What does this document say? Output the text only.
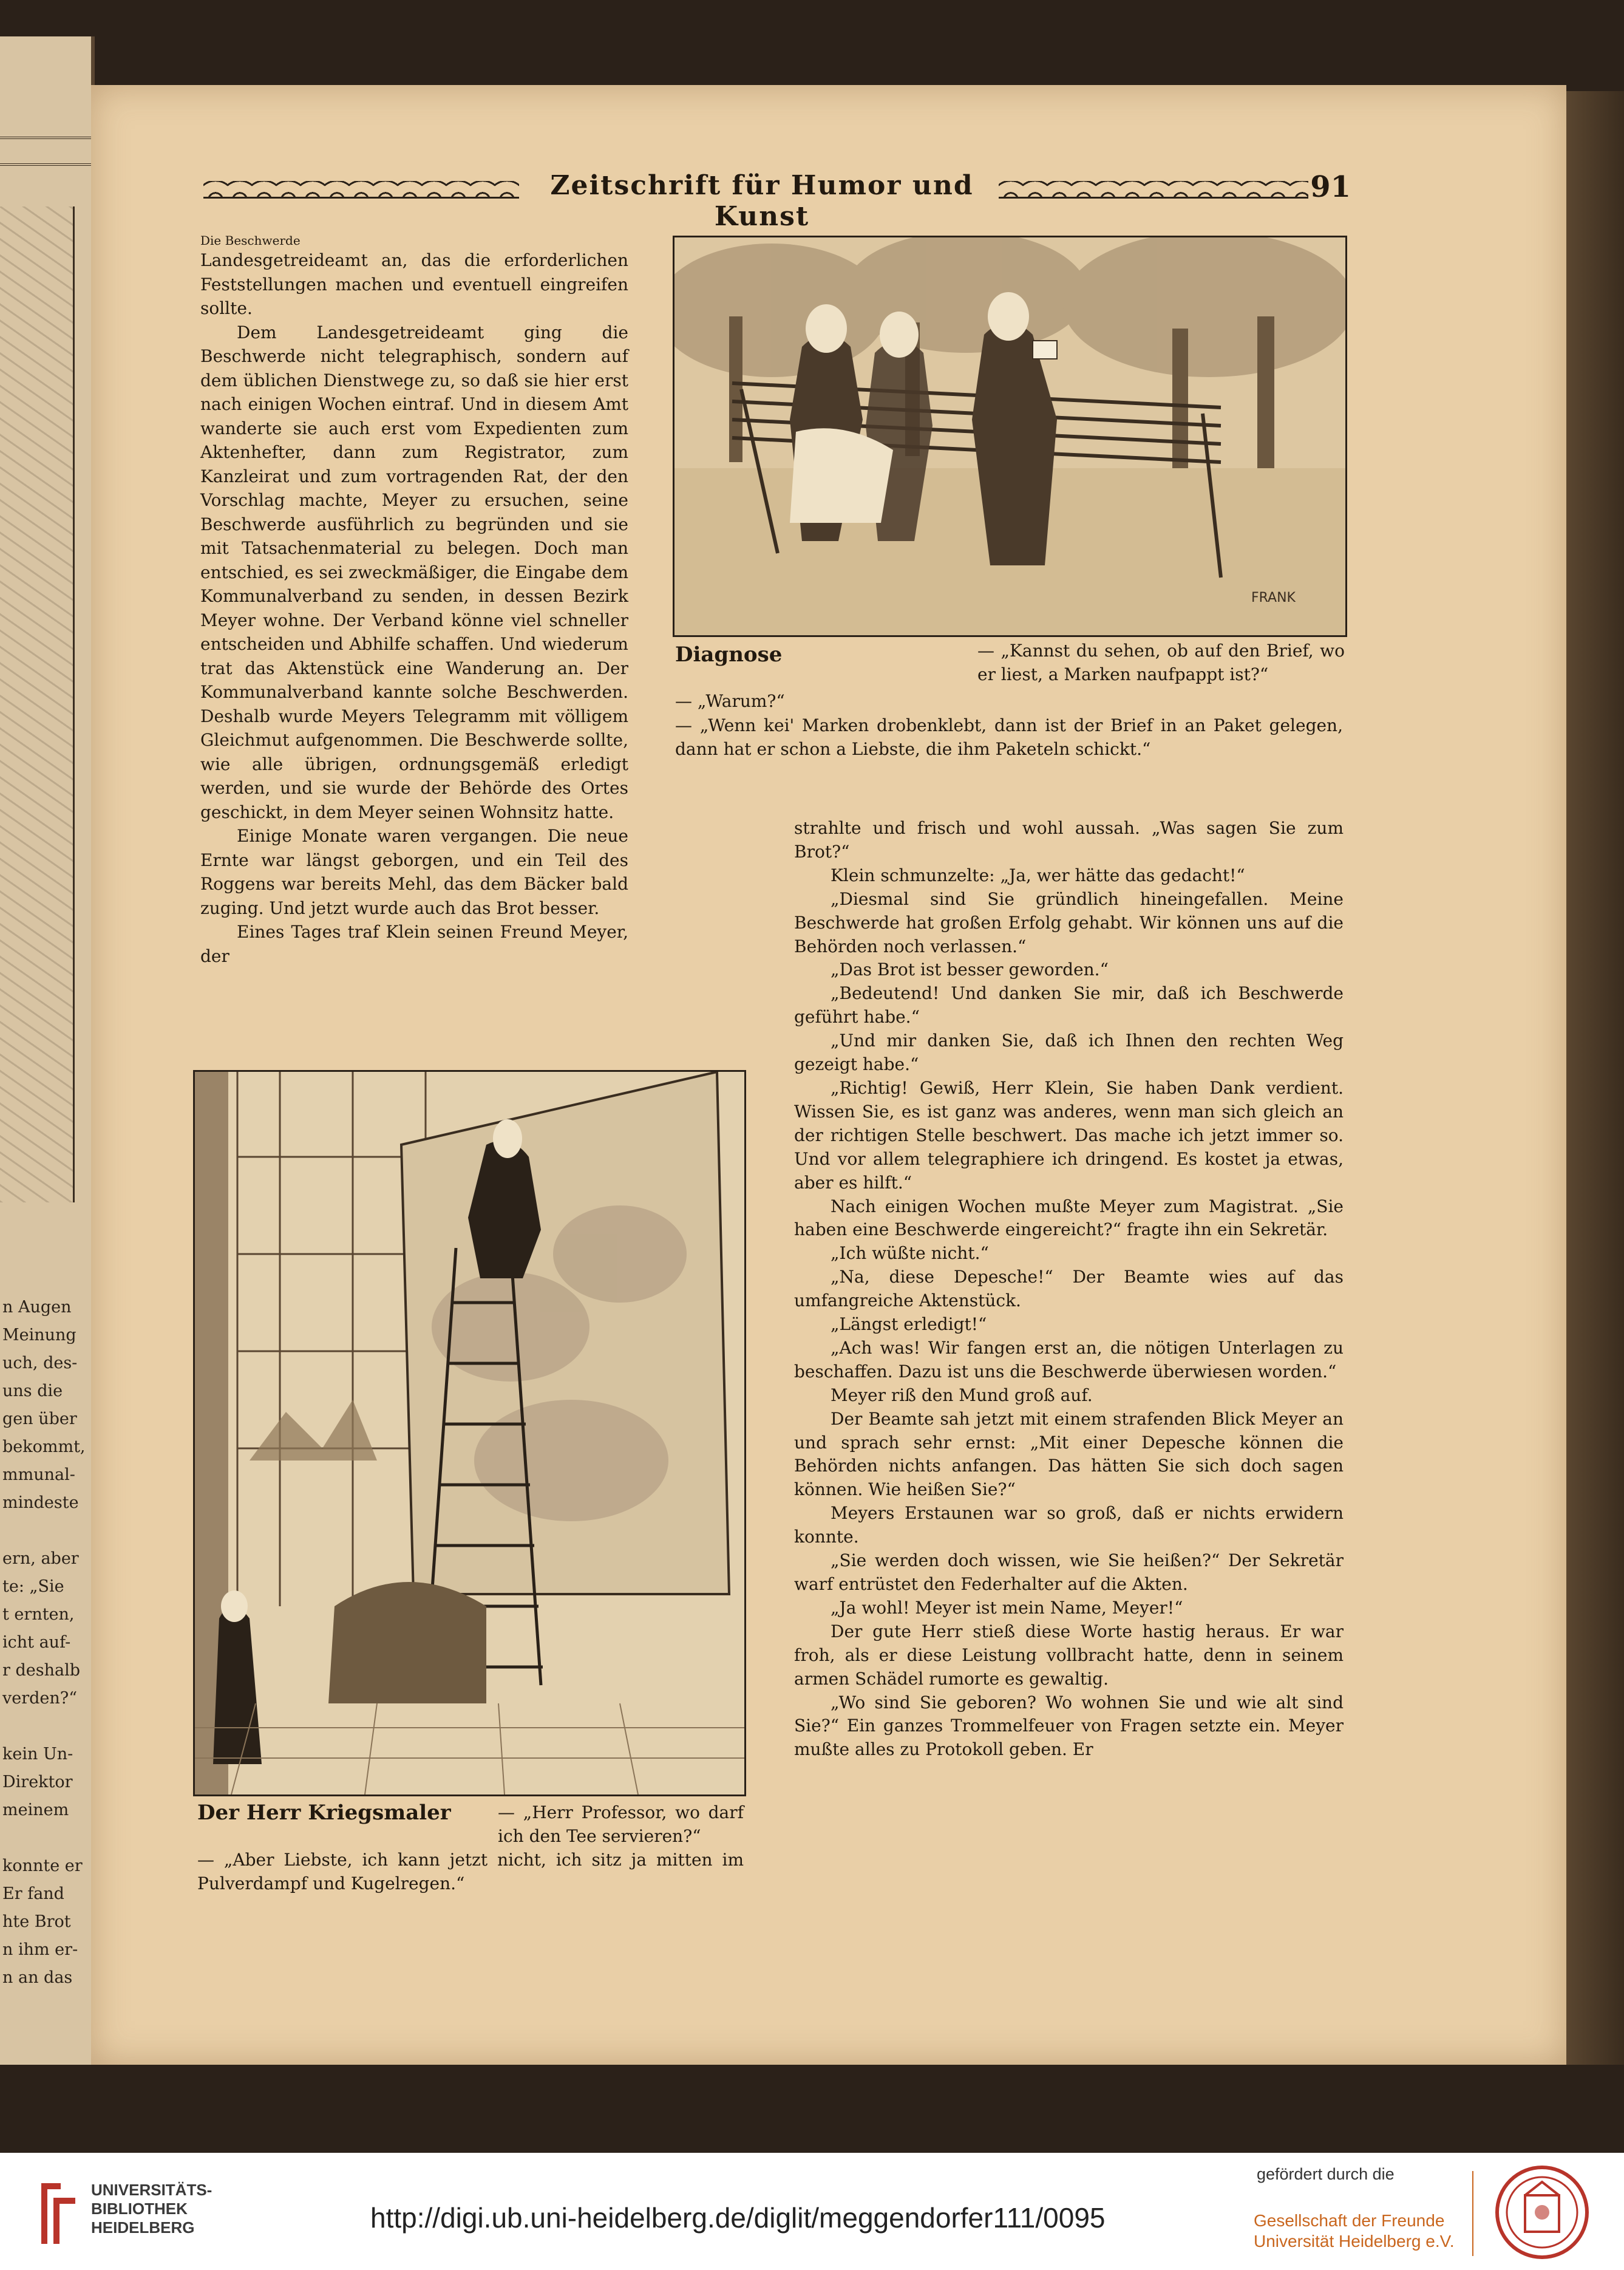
n Augen
Meinung
uch, des-
uns die
gen über
bekommt,
mmunal-
mindeste
ern, aber
te: „Sie
t ernten,
icht auf-
r deshalb
verden?“
kein Un-
Direktor
meinem
konnte er
Er fand
hte Brot
n ihm er-
n an das
Zeitschrift für Humor und Kunst
91

Die Beschwerde

Landesgetreideamt an, das die erforderlichen Feststellungen machen und eventuell eingreifen sollte.

Dem Landesgetreideamt ging die Beschwerde nicht telegraphisch, sondern auf dem üblichen Dienstwege zu, so daß sie hier erst nach einigen Wochen eintraf. Und in diesem Amt wanderte sie auch erst vom Expedienten zum Aktenhefter, dann zum Registrator, zum Kanzleirat und zum vortragenden Rat, der den Vorschlag machte, Meyer zu ersuchen, seine Beschwerde ausführlich zu begründen und sie mit Tatsachenmaterial zu belegen. Doch man entschied, es sei zweckmäßiger, die Eingabe dem Kommunalverband zu senden, in dessen Bezirk Meyer wohne. Der Verband könne viel schneller entscheiden und Abhilfe schaffen. Und wiederum trat das Aktenstück eine Wanderung an. Der Kommunalverband kannte solche Beschwerden. Deshalb wurde Meyers Telegramm mit völligem Gleichmut aufgenommen. Die Beschwerde sollte, wie alle übrigen, ordnungsgemäß erledigt werden, und sie wurde der Behörde des Ortes geschickt, in dem Meyer seinen Wohnsitz hatte.

Einige Monate waren vergangen. Die neue Ernte war längst geborgen, und ein Teil des Roggens war bereits Mehl, das dem Bäcker bald zuging. Und jetzt wurde auch das Brot besser.

Eines Tages traf Klein seinen Freund Meyer, der

FRANK
Diagnose	— „Kannst du sehen, ob auf den Brief, wo er liest, a Marken naufpappt ist?“
— „Warum?“
— „Wenn kei' Marken drobenklebt, dann ist der Brief in an Paket gelegen, dann hat er schon a Liebste, die ihm Paketeln schickt.“
Der Herr Kriegsmaler	— „Herr Professor, wo darf ich den Tee servieren?“
— „Aber Liebste, ich kann jetzt nicht, ich sitz ja mitten im Pulverdampf und Kugelregen.“

strahlte und frisch und wohl aussah. „Was sagen Sie zum Brot?“

Klein schmunzelte: „Ja, wer hätte das gedacht!“

„Diesmal sind Sie gründlich hineingefallen. Meine Beschwerde hat großen Erfolg gehabt. Wir können uns auf die Behörden noch verlassen.“

„Das Brot ist besser geworden.“

„Bedeutend! Und danken Sie mir, daß ich Beschwerde geführt habe.“

„Und mir danken Sie, daß ich Ihnen den rechten Weg gezeigt habe.“

„Richtig! Gewiß, Herr Klein, Sie haben Dank verdient. Wissen Sie, es ist ganz was anderes, wenn man sich gleich an der richtigen Stelle beschwert. Das mache ich jetzt immer so. Und vor allem telegraphiere ich dringend. Es kostet ja etwas, aber es hilft.“

Nach einigen Wochen mußte Meyer zum Magistrat. „Sie haben eine Beschwerde eingereicht?“ fragte ihn ein Sekretär.

„Ich wüßte nicht.“

„Na, diese Depesche!“ Der Beamte wies auf das umfangreiche Aktenstück.

„Längst erledigt!“

„Ach was! Wir fangen erst an, die nötigen Unterlagen zu beschaffen. Dazu ist uns die Beschwerde überwiesen worden.“

Meyer riß den Mund groß auf.

Der Beamte sah jetzt mit einem strafenden Blick Meyer an und sprach sehr ernst: „Mit einer Depesche können die Behörden nichts anfangen. Das hätten Sie sich doch sagen können. Wie heißen Sie?“

Meyers Erstaunen war so groß, daß er nichts erwidern konnte.

„Sie werden doch wissen, wie Sie heißen?“ Der Sekretär warf entrüstet den Federhalter auf die Akten.

„Ja wohl! Meyer ist mein Name, Meyer!“

Der gute Herr stieß diese Worte hastig heraus. Er war froh, als er diese Leistung vollbracht hatte, denn in seinem armen Schädel rumorte es gewaltig.

„Wo sind Sie geboren? Wo wohnen Sie und wie alt sind Sie?“ Ein ganzes Trommelfeuer von Fragen setzte ein. Meyer mußte alles zu Protokoll geben. Er

UNIVERSITÄTS-
BIBLIOTHEK
HEIDELBERG	http://digi.ub.uni-heidelberg.de/diglit/meggendorfer111/0095
gefördert durch die
Gesellschaft der Freunde
Universität Heidelberg e.V.
